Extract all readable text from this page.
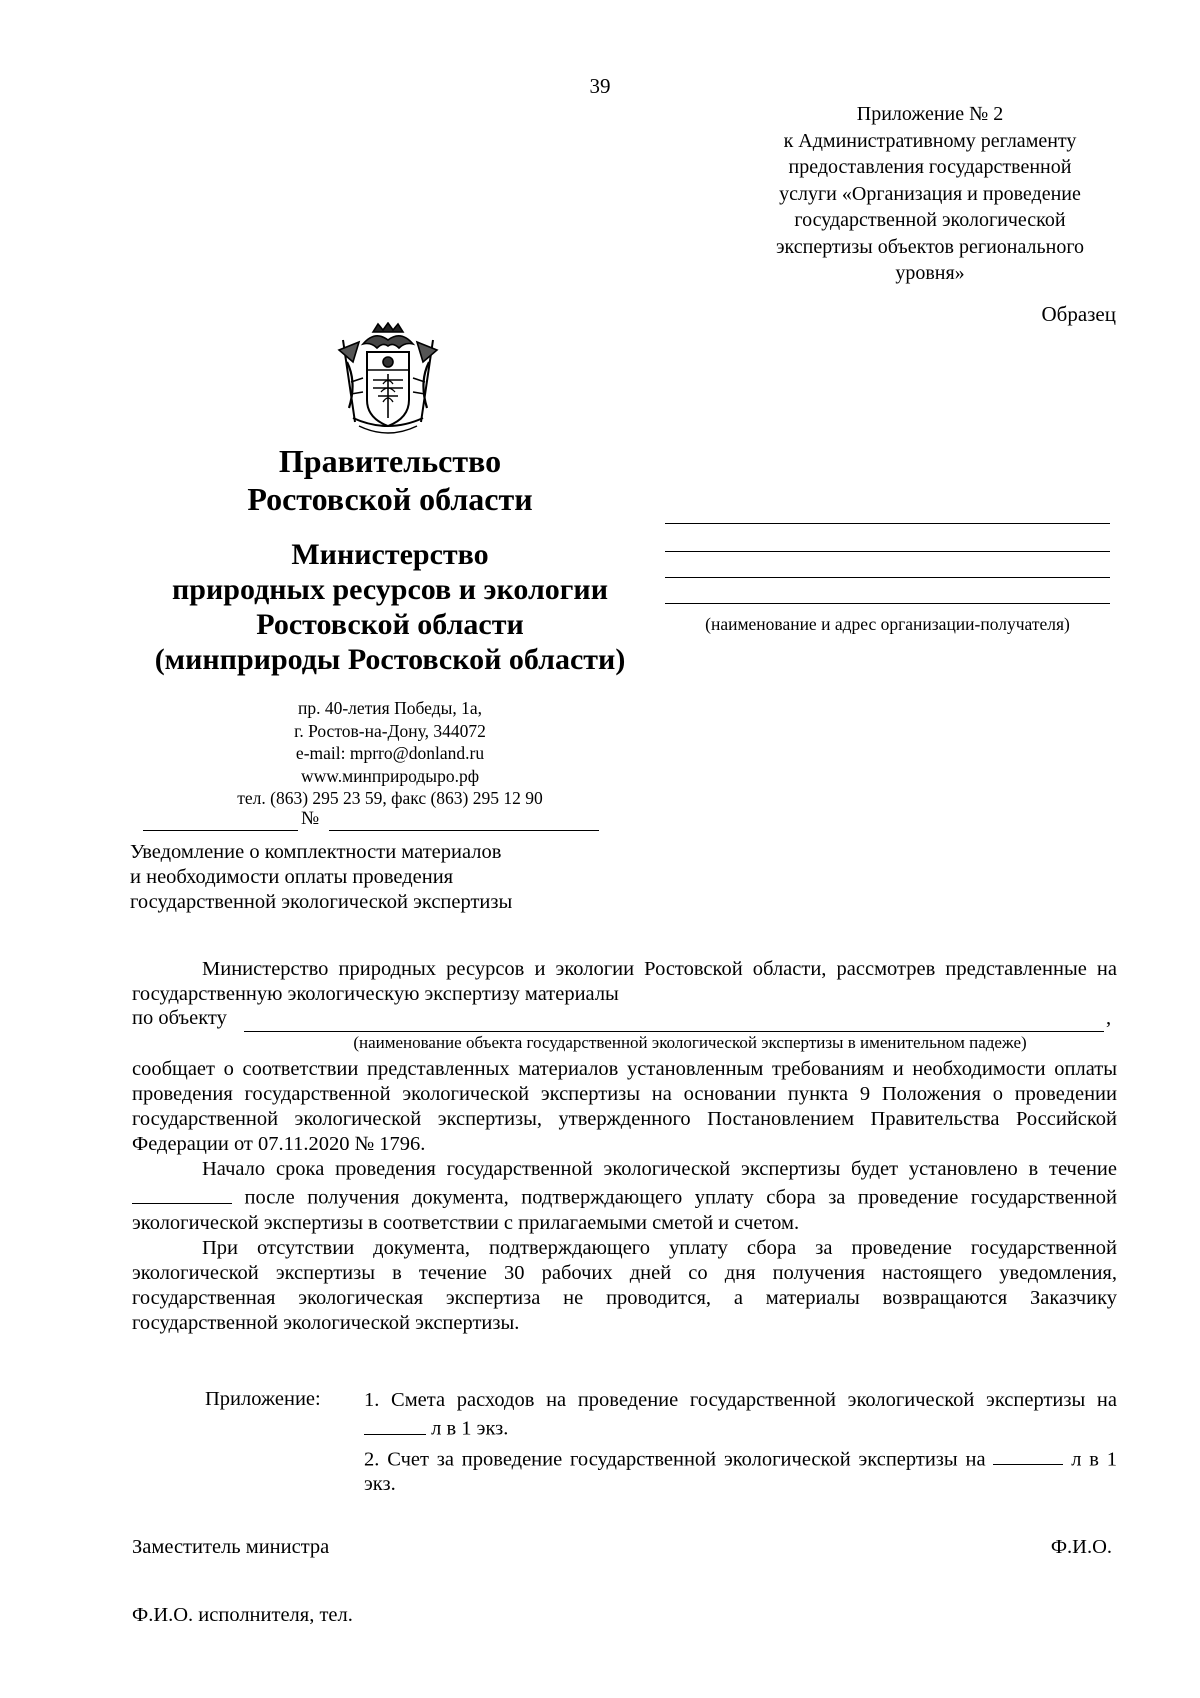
39
Приложение № 2
к Административному регламенту
предоставления государственной
услуги «Организация и проведение
государственной экологической
экспертизы объектов регионального
уровня»
Образец
Правительство
Ростовской области
Министерство
природных ресурсов и экологии
Ростовской области
(минприроды Ростовской области)
пр. 40-летия Победы, 1а,
г. Ростов-на-Дону, 344072
e-mail: mprro@donland.ru
www.минприродыро.рф
тел. (863) 295 23 59, факс (863) 295 12 90
№
Уведомление о комплектности материалов
и необходимости оплаты проведения
государственной экологической экспертизы
(наименование и адрес организации-получателя)

Министерство природных ресурсов и экологии Ростовской области, рассмотрев представленные на государственную экологическую экспертизу материалы

по объекту	,
(наименование объекта государственной экологической экспертизы в именительном падеже)

сообщает о соответствии представленных материалов установленным требованиям и необходимости оплаты проведения государственной экологической экспертизы на основании пункта 9 Положения о проведении государственной экологической экспертизы, утвержденного Постановлением Правительства Российской Федерации от 07.11.2020 № 1796.

Начало срока проведения государственной экологической экспертизы будет установлено в течение  после получения документа, подтверждающего уплату сбора за проведение государственной экологической экспертизы в соответствии с прилагаемыми сметой и счетом.

При отсутствии документа, подтверждающего уплату сбора за проведение государственной экологической экспертизы в течение 30 рабочих дней со дня получения настоящего уведомления, государственная экологическая экспертиза не проводится, а материалы возвращаются Заказчику государственной экологической экспертизы.

Приложение: 1. Смета расходов на проведение государственной экологической экспертизы на  л в 1 экз.

2. Счет за проведение государственной экологической экспертизы на	л в 1 экз.

Заместитель министра	Ф.И.О.
Ф.И.О. исполнителя, тел.
